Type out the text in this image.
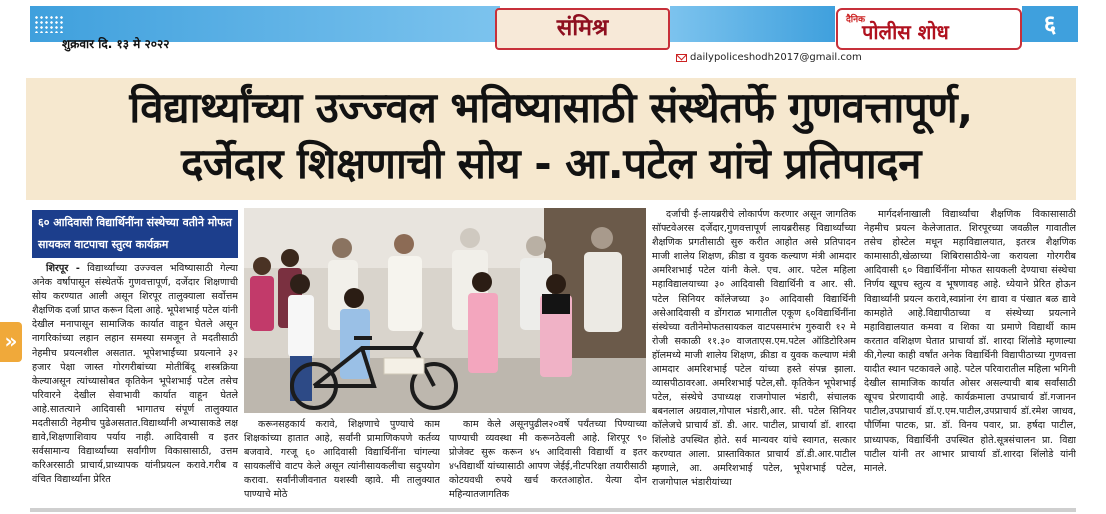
शुक्रवार दि. १३ मे २०२२
संमिश्र
dailypoliceshodh2017@gmail.com
दैनिक
पोलीस शोध	६
विद्यार्थ्यांच्या उज्ज्वल भविष्यासाठी संस्थेतर्फे गुणवत्तापूर्ण,
दर्जेदार शिक्षणाची सोय - आ.पटेल यांचे प्रतिपादन
»
६० आदिवासी विद्यार्थिनींना संस्थेच्या वतीने मोफत सायकल वाटपाचा स्तुत्य कार्यक्रम

शिरपूर - विद्यार्थ्यांच्या उज्ज्वल भविष्यासाठी गेल्या अनेक वर्षांपासून संस्थेतर्फे गुणवत्तापूर्ण, दर्जेदार शिक्षणाची सोय करण्यात आली असून शिरपूर तालुक्याला सर्वोत्तम शैक्षणिक दर्जा प्राप्त करून दिला आहे. भूपेशभाई पटेल यांनी देखील मनापासून सामाजिक कार्यात वाहून घेतले असून नागरिकांच्या लहान लहान समस्या समजून ते मदतीसाठी नेहमीच प्रयत्नशील असतात. भूपेशभाईंच्या प्रयत्नाने ३२ हजार पेक्षा जास्त गोरगरीबांच्या मोतीबिंदू शस्त्रक्रिया केल्याअसून त्यांच्यासोबत कृतिकेन भूपेशभाई पटेल तसेच परिवारने देखील सेवाभावी कार्यात वाहून घेतले आहे.सातत्याने आदिवासी भागातच संपूर्ण तालुक्यात मदतीसाठी नेहमीच पुढेअसतात.विद्यार्थ्यांनी अभ्यासाकडे लक्ष द्यावे,शिक्षणाशिवाय पर्याय नाही. आदिवासी व इतर सर्वसामान्य विद्यार्थ्यांच्या सर्वांगीण विकासासाठी, उत्तम करिअरसाठी प्राचार्य,प्राध्यापक यांनीप्रयत्न करावे.गरीब व वंचित विद्यार्थ्यांना प्रेरित

करूनसहकार्य करावे, शिक्षणाचे पुण्याचे काम शिक्षकांच्या हातात आहे, सर्वांनी प्रामाणिकपणे कर्तव्य बजवावे. गरजू ६० आदिवासी विद्यार्थिनींना चांगल्या सायकलींचे वाटप केले असून त्यांनीसायकलीचा सदुपयोग करावा. सर्वांनीजीवनात यशस्वी व्हावे. मी तालुक्यात पाण्याचे मोठे

काम केले असूनपुढील२०वर्षे पर्यंतच्या पिण्याच्या पाण्याची व्यवस्था मी करूनठेवली आहे. शिरपूर ९० प्रोजेक्ट सुरू करून ४५ आदिवासी विद्यार्थी व इतर ४५विद्यार्थी यांच्यासाठी आपण जेईई,नीटपरिक्षा तयारीसाठी कोटयवधी रुपये खर्च करतआहोत. येत्या दोन महिन्यातजागतिक

दर्जाची ई-लायब्ररीचे लोकार्पण करणार असून जागतिक सॉफ्टवेअरस दर्जेदार,गुणवत्तापूर्ण लायब्ररीसह विद्यार्थ्यांच्या शैक्षणिक प्रगतीसाठी सुरु करीत आहोत असे प्रतिपादन माजी शालेय शिक्षण, क्रीडा व युवक कल्याण मंत्री आमदार अमरिशभाई पटेल यांनी केले. एच. आर. पटेल महिला महाविद्यालयाच्या ३० आदिवासी विद्यार्थिनी व आर. सी. पटेल सिनियर कॉलेजच्या ३० आदिवासी विद्यार्थिनी असेआदिवासी व डोंगराळ भागातील एकूण ६०विद्यार्थिनींना संस्थेच्या वतीनेमोफतसायकल वाटपसमारंभ गुरुवारी १२ मे रोजी सकाळी ११.३० वाजताएस.एम.पटेल ऑडिटोरिअम हॉलमध्ये माजी शालेय शिक्षण, क्रीडा व युवक कल्याण मंत्री आमदार अमरिशभाई पटेल यांच्या हस्ते संपन्न झाला. व्यासपीठावरआ. अमरिशभाई पटेल,सौ. कृतिकेन भूपेशभाई पटेल, संस्थेचे उपाध्यक्ष राजगोपाल भंडारी, संचालक बबनलाल अग्रवाल,गोपाल भंडारी,आर. सी. पटेल सिनियर कॉलेजचे प्राचार्य डॉ. डी. आर. पाटील, प्राचार्या डॉ. शारदा शिंलोडे उपस्थित होते. सर्व मान्यवर यांचे स्वागत, सत्कार करण्यात आला. प्रास्ताविकात प्राचार्य डॉ.डी.आर.पाटील म्हणाले, आ. अमरिशभाई पटेल, भूपेशभाई पटेल, राजगोपाल भंडारीयांच्या

मार्गदर्शनाखाली विद्यार्थ्यांचा शैक्षणिक विकासासाठी नेहमीच प्रयत्न केलेजातात. शिरपूरच्या जवळील गावातील तसेच होस्टेल मधून महाविद्यालयात, इतरत्र शैक्षणिक कामासाठी,खेळाच्या शिबिरासाठीये-जा करायला गोरगरीब आदिवासी ६० विद्यार्थिनींना मोफत सायकली देण्याचा संस्थेचा निर्णय खूपच स्तुत्य व भूषणावह आहे. ध्येयाने प्रेरित होऊन विद्यार्थ्यांनी प्रयत्न करावे,स्वप्नांना रंग द्यावा व पंखात बळ द्यावे कामहोते आहे.विद्यापीठाच्या व संस्थेच्या प्रयत्नाने महाविद्यालयात कमवा व शिका या प्रमाणे विद्यार्थी काम करतात वशिक्षण घेतात प्राचार्या डॉ. शारदा शिंलोडे म्हणाल्या की,गेल्या काही वर्षांत अनेक विद्यार्थिनी विद्यापीठाच्या गुणवत्ता यादीत स्थान पटकावले आहे. पटेल परिवारातील महिला भगिनी देखील सामाजिक कार्यात ओसर असल्याची बाब सर्वांसाठी खूपच प्रेरणादायी आहे. कार्यक्रमाला उपप्राचार्य डॉ.गजानन पाटील,उपप्राचार्य डॉ.ए.एम.पाटील,उपप्राचार्य डॉ.रमेश जाधव, पौर्णिमा पाटक, प्रा. डॉ. विनय पवार, प्रा. हर्षदा पाटील, प्राध्यापक, विद्यार्थिनी उपस्थित होते.सूत्रसंचालन प्रा. विद्या पाटील यांनी तर आभार प्राचार्या डॉ.शारदा शिंलोडे यांनी मानले.
